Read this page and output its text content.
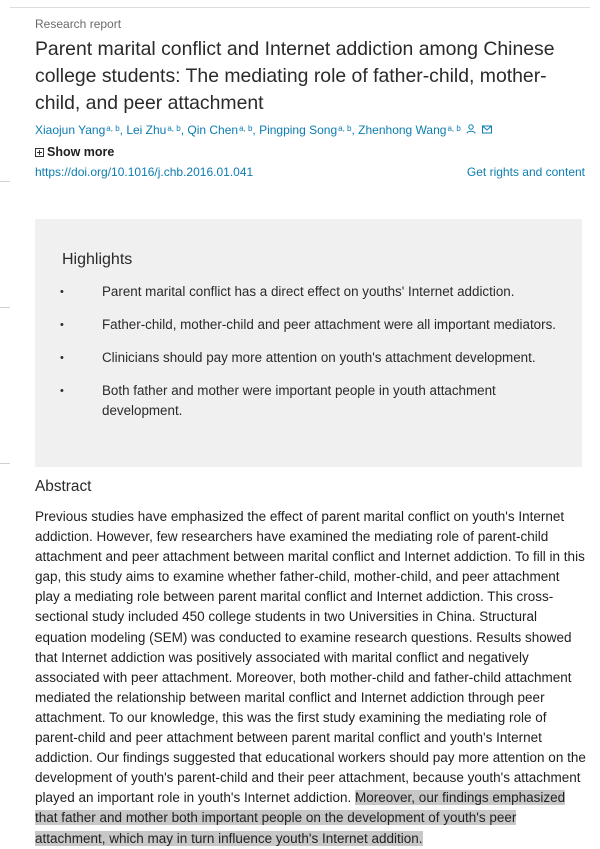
Research report
Parent marital conflict and Internet addiction among Chinese college students: The mediating role of father-child, mother-child, and peer attachment
Xiaojun Yang$^{a, b}$, Lei Zhu$^{a, b}$, Qin Chen$^{a, b}$, Pingping Song$^{a, b}$, Zhenhong Wang$^{a, b}$
Show more
https://doi.org/10.1016/j.chb.2016.01.041	Get rights and content
Highlights
•	Parent marital conflict has a direct effect on youths' Internet addiction.
•	Father-child, mother-child and peer attachment were all important mediators.
•	Clinicians should pay more attention on youth's attachment development.
•	Both father and mother were important people in youth attachment development.
Abstract

Previous studies have emphasized the effect of parent marital conflict on youth's Internet addiction. However, few researchers have examined the mediating role of parent-child attachment and peer attachment between marital conflict and Internet addiction. To fill in this gap, this study aims to examine whether father-child, mother-child, and peer attachment play a mediating role between parent marital conflict and Internet addiction. This cross-sectional study included 450 college students in two Universities in China. Structural equation modeling (SEM) was conducted to examine research questions. Results showed that Internet addiction was positively associated with marital conflict and negatively associated with peer attachment. Moreover, both mother-child and father-child attachment mediated the relationship between marital conflict and Internet addiction through peer attachment. To our knowledge, this was the first study examining the mediating role of parent-child and peer attachment between parent marital conflict and youth's Internet addiction. Our findings suggested that educational workers should pay more attention on the development of youth's parent-child and their peer attachment, because youth's attachment played an important role in youth's Internet addiction. Moreover, our findings emphasized that father and mother both important people on the development of youth's peer attachment, which may in turn influence youth's Internet addition.
